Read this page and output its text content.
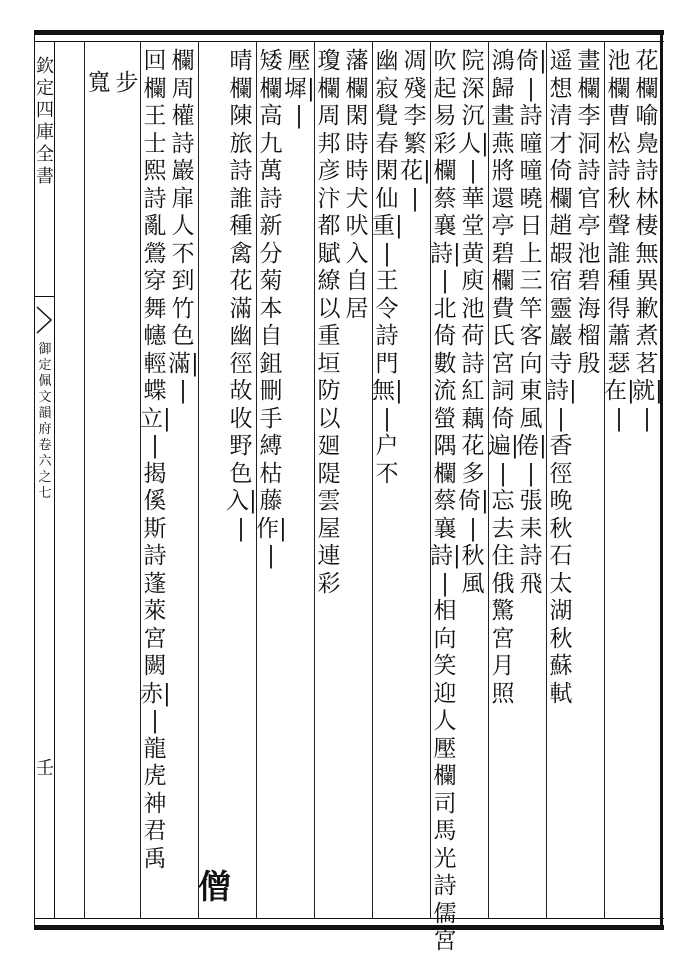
欽定四庫全書
御定佩文韻府卷六之七
壬
花欄 喻鳧詩林棲無異 歉煮茗就||
池欄 曹松詩秋聲誰種 得蕭瑟在||
畫欄 李洞詩官亭 池碧海榴殷
遥想清才 倚欄 趙嘏宿靈巖寺詩||香徑晚秋石太湖秋蘇軾
倚||詩曈曈曉日上三竿客向東風倦||張耒詩飛
鴻歸畫燕將還亭 碧欄 費氏宮詞倚遍||忘去住俄驚宮月照
院深沉人||華堂黄庾池荷詩紅藕花多倚||秋風
吹起易 彩欄 蔡襄詩||北倚數流螢 隅欄 蔡襄詩||相向笑迎人 壓欄 司馬光詩儒宮
凋殘 李繁花||
幽寂覺春閑仙 重||王令詩門無||户不
藩欄 閑時時犬吠入自居
瓊欄 周邦彦汴都賦繚以重 垣防以廻隄雲屋連彩
壓墀||
矮欄 高九萬詩新分菊本自 鉏刪手縛枯藤作||
晴欄 陳旅詩誰種禽花滿幽 徑故收野色入||
僧
欄 周權詩巖扉人不 到竹色滿||
回欄 王士熙詩亂鶯穿舞幰輕蝶立||揭 傒斯詩蓬萊宮闕赤||龍虎神君禹
步
寬
